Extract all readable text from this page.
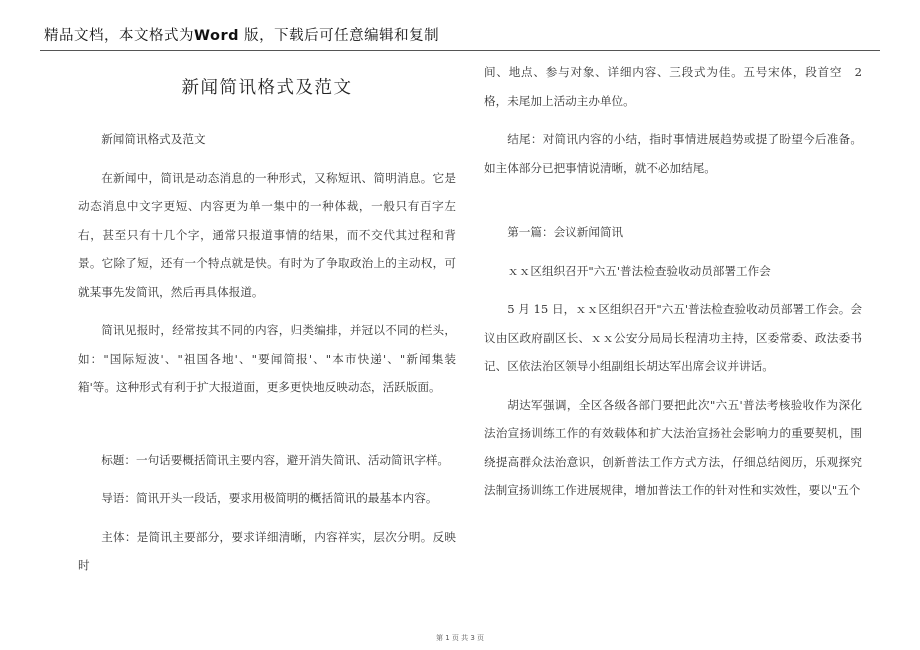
精品文档，本文格式为Word 版，下载后可任意编辑和复制
新闻简讯格式及范文

新闻简讯格式及范文

在新闻中，简讯是动态消息的一种形式，又称短讯、简明消息。它是动态消息中文字更短、内容更为单一集中的一种体裁，一般只有百字左右，甚至只有十几个字，通常只报道事情的结果，而不交代其过程和背景。它除了短，还有一个特点就是快。有时为了争取政治上的主动权，可就某事先发简讯，然后再具体报道。

简讯见报时，经常按其不同的内容，归类编排，并冠以不同的栏头，如："国际短波'、"祖国各地'、"要闻简报'、"本市快递'、"新闻集装箱'等。这种形式有利于扩大报道面，更多更快地反映动态，活跃版面。

标题：一句话要概括简讯主要内容，避开消失简讯、活动简讯字样。

导语：简讯开头一段话，要求用极简明的概括简讯的最基本内容。

主体：是简讯主要部分，要求详细清晰，内容祥实，层次分明。反映时

间、地点、参与对象、详细内容、三段式为佳。五号宋体，段首空　2 格，未尾加上活动主办单位。

结尾：对简讯内容的小结，指时事情进展趋势或提了盼望今后准备。如主体部分已把事情说清晰，就不必加结尾。

第一篇：会议新闻简讯

ｘｘ区组织召开"六五'普法检查验收动员部署工作会

5 月 15 日，ｘｘ区组织召开"六五'普法检查验收动员部署工作会。会议由区政府副区长、ｘｘ公安分局局长程清功主持，区委常委、政法委书记、区依法治区领导小组副组长胡达军出席会议并讲话。

胡达军强调，全区各级各部门要把此次"六五'普法考核验收作为深化法治宣扬训练工作的有效载体和扩大法治宣扬社会影响力的重要契机，围绕提高群众法治意识，创新普法工作方式方法，仔细总结阅历，乐观探究法制宣扬训练工作进展规律，增加普法工作的针对性和实效性，要以"五个

第 1 页 共 3 页
